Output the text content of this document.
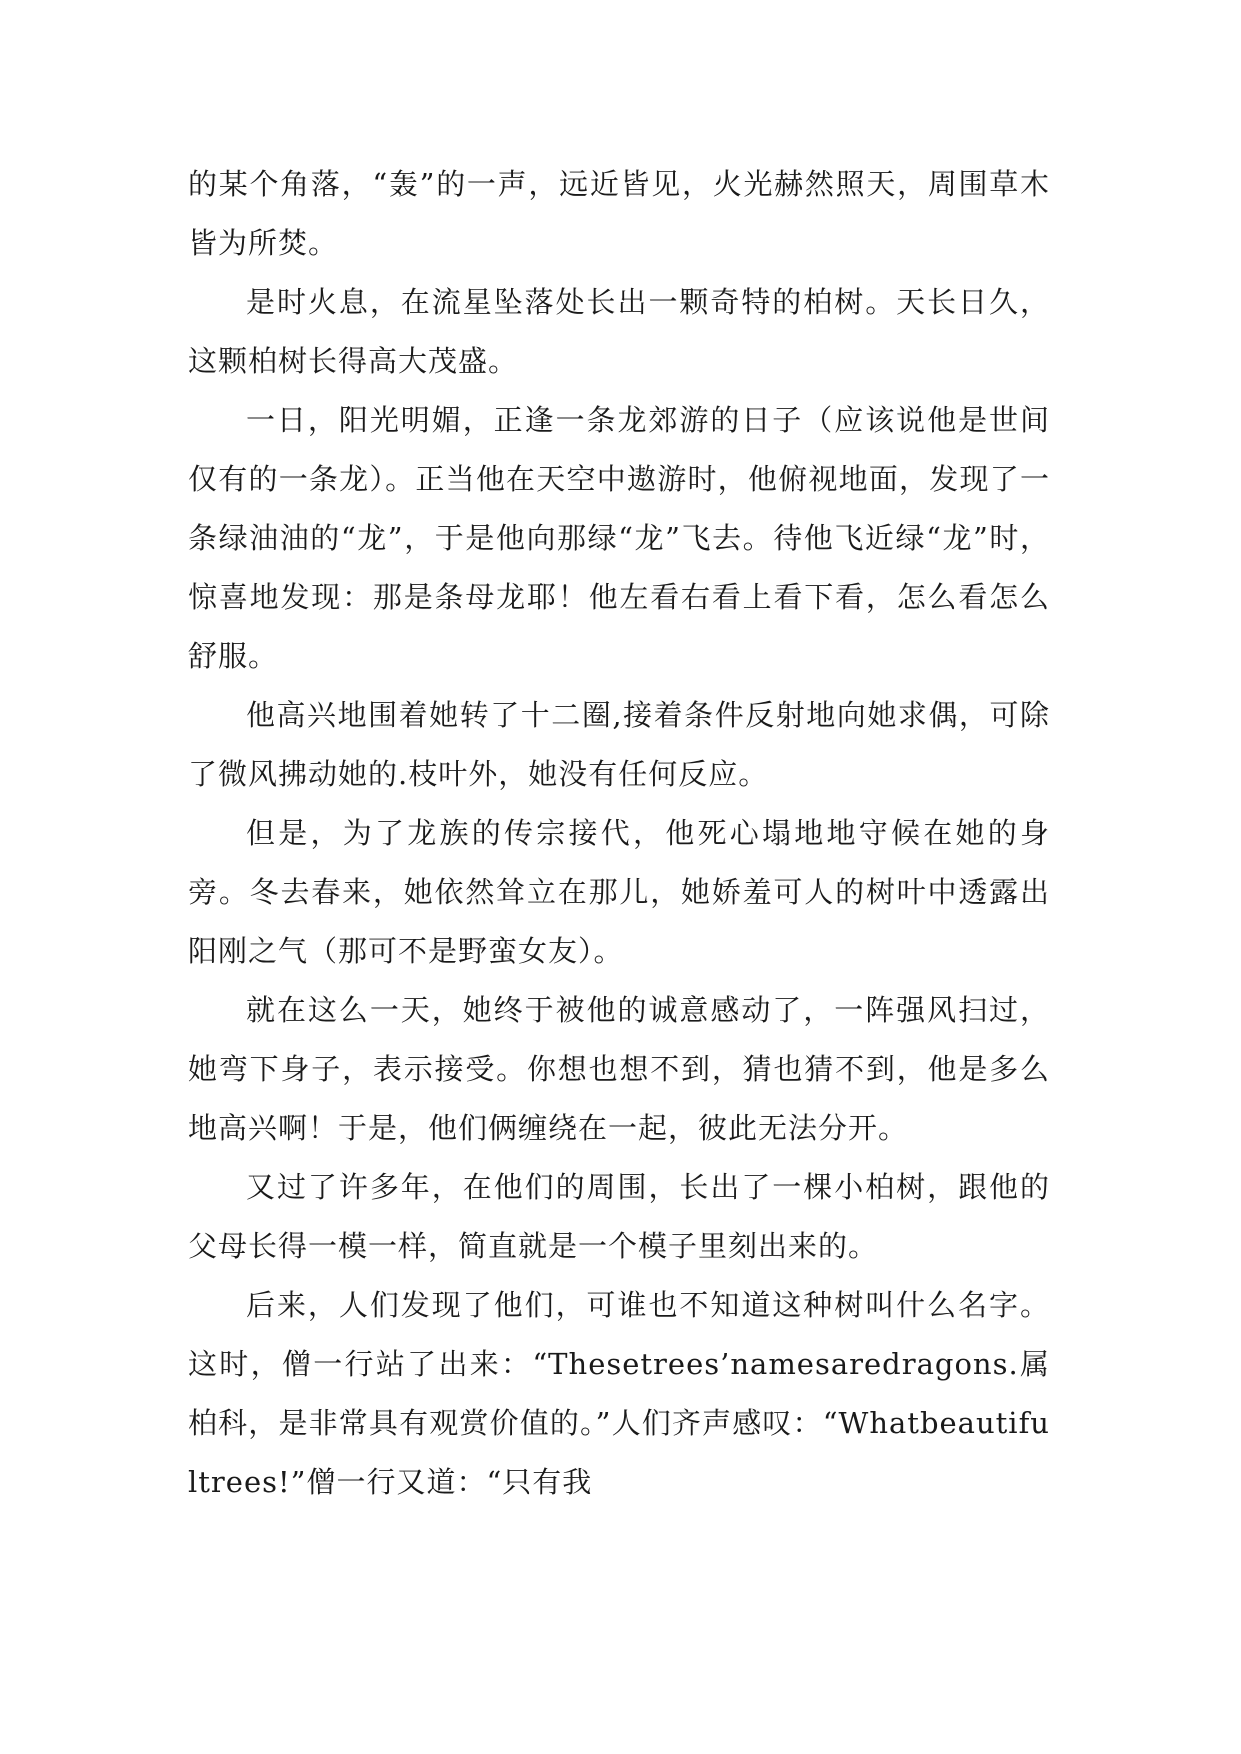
的某个角落，“轰”的一声，远近皆见，火光赫然照天，周围草木皆为所焚。

是时火息，在流星坠落处长出一颗奇特的柏树。天长日久，这颗柏树长得高大茂盛。

一日，阳光明媚，正逢一条龙郊游的日子（应该说他是世间仅有的一条龙）。正当他在天空中遨游时，他俯视地面，发现了一条绿油油的“龙”，于是他向那绿“龙”飞去。待他飞近绿“龙”时，惊喜地发现：那是条母龙耶！他左看右看上看下看，怎么看怎么舒服。

他高兴地围着她转了十二圈,接着条件反射地向她求偶，可除了微风拂动她的.枝叶外，她没有任何反应。

但是，为了龙族的传宗接代，他死心塌地地守候在她的身旁。冬去春来，她依然耸立在那儿，她娇羞可人的树叶中透露出阳刚之气（那可不是野蛮女友）。

就在这么一天，她终于被他的诚意感动了，一阵强风扫过，她弯下身子，表示接受。你想也想不到，猜也猜不到，他是多么地高兴啊！于是，他们俩缠绕在一起，彼此无法分开。

又过了许多年，在他们的周围，长出了一棵小柏树，跟他的父母长得一模一样，简直就是一个模子里刻出来的。

后来，人们发现了他们，可谁也不知道这种树叫什么名字。这时，僧一行站了出来：“Thesetrees’namesaredragons.属柏科，是非常具有观赏价值的。”人们齐声感叹：“Whatbeautifultrees!”僧一行又道：“只有我
